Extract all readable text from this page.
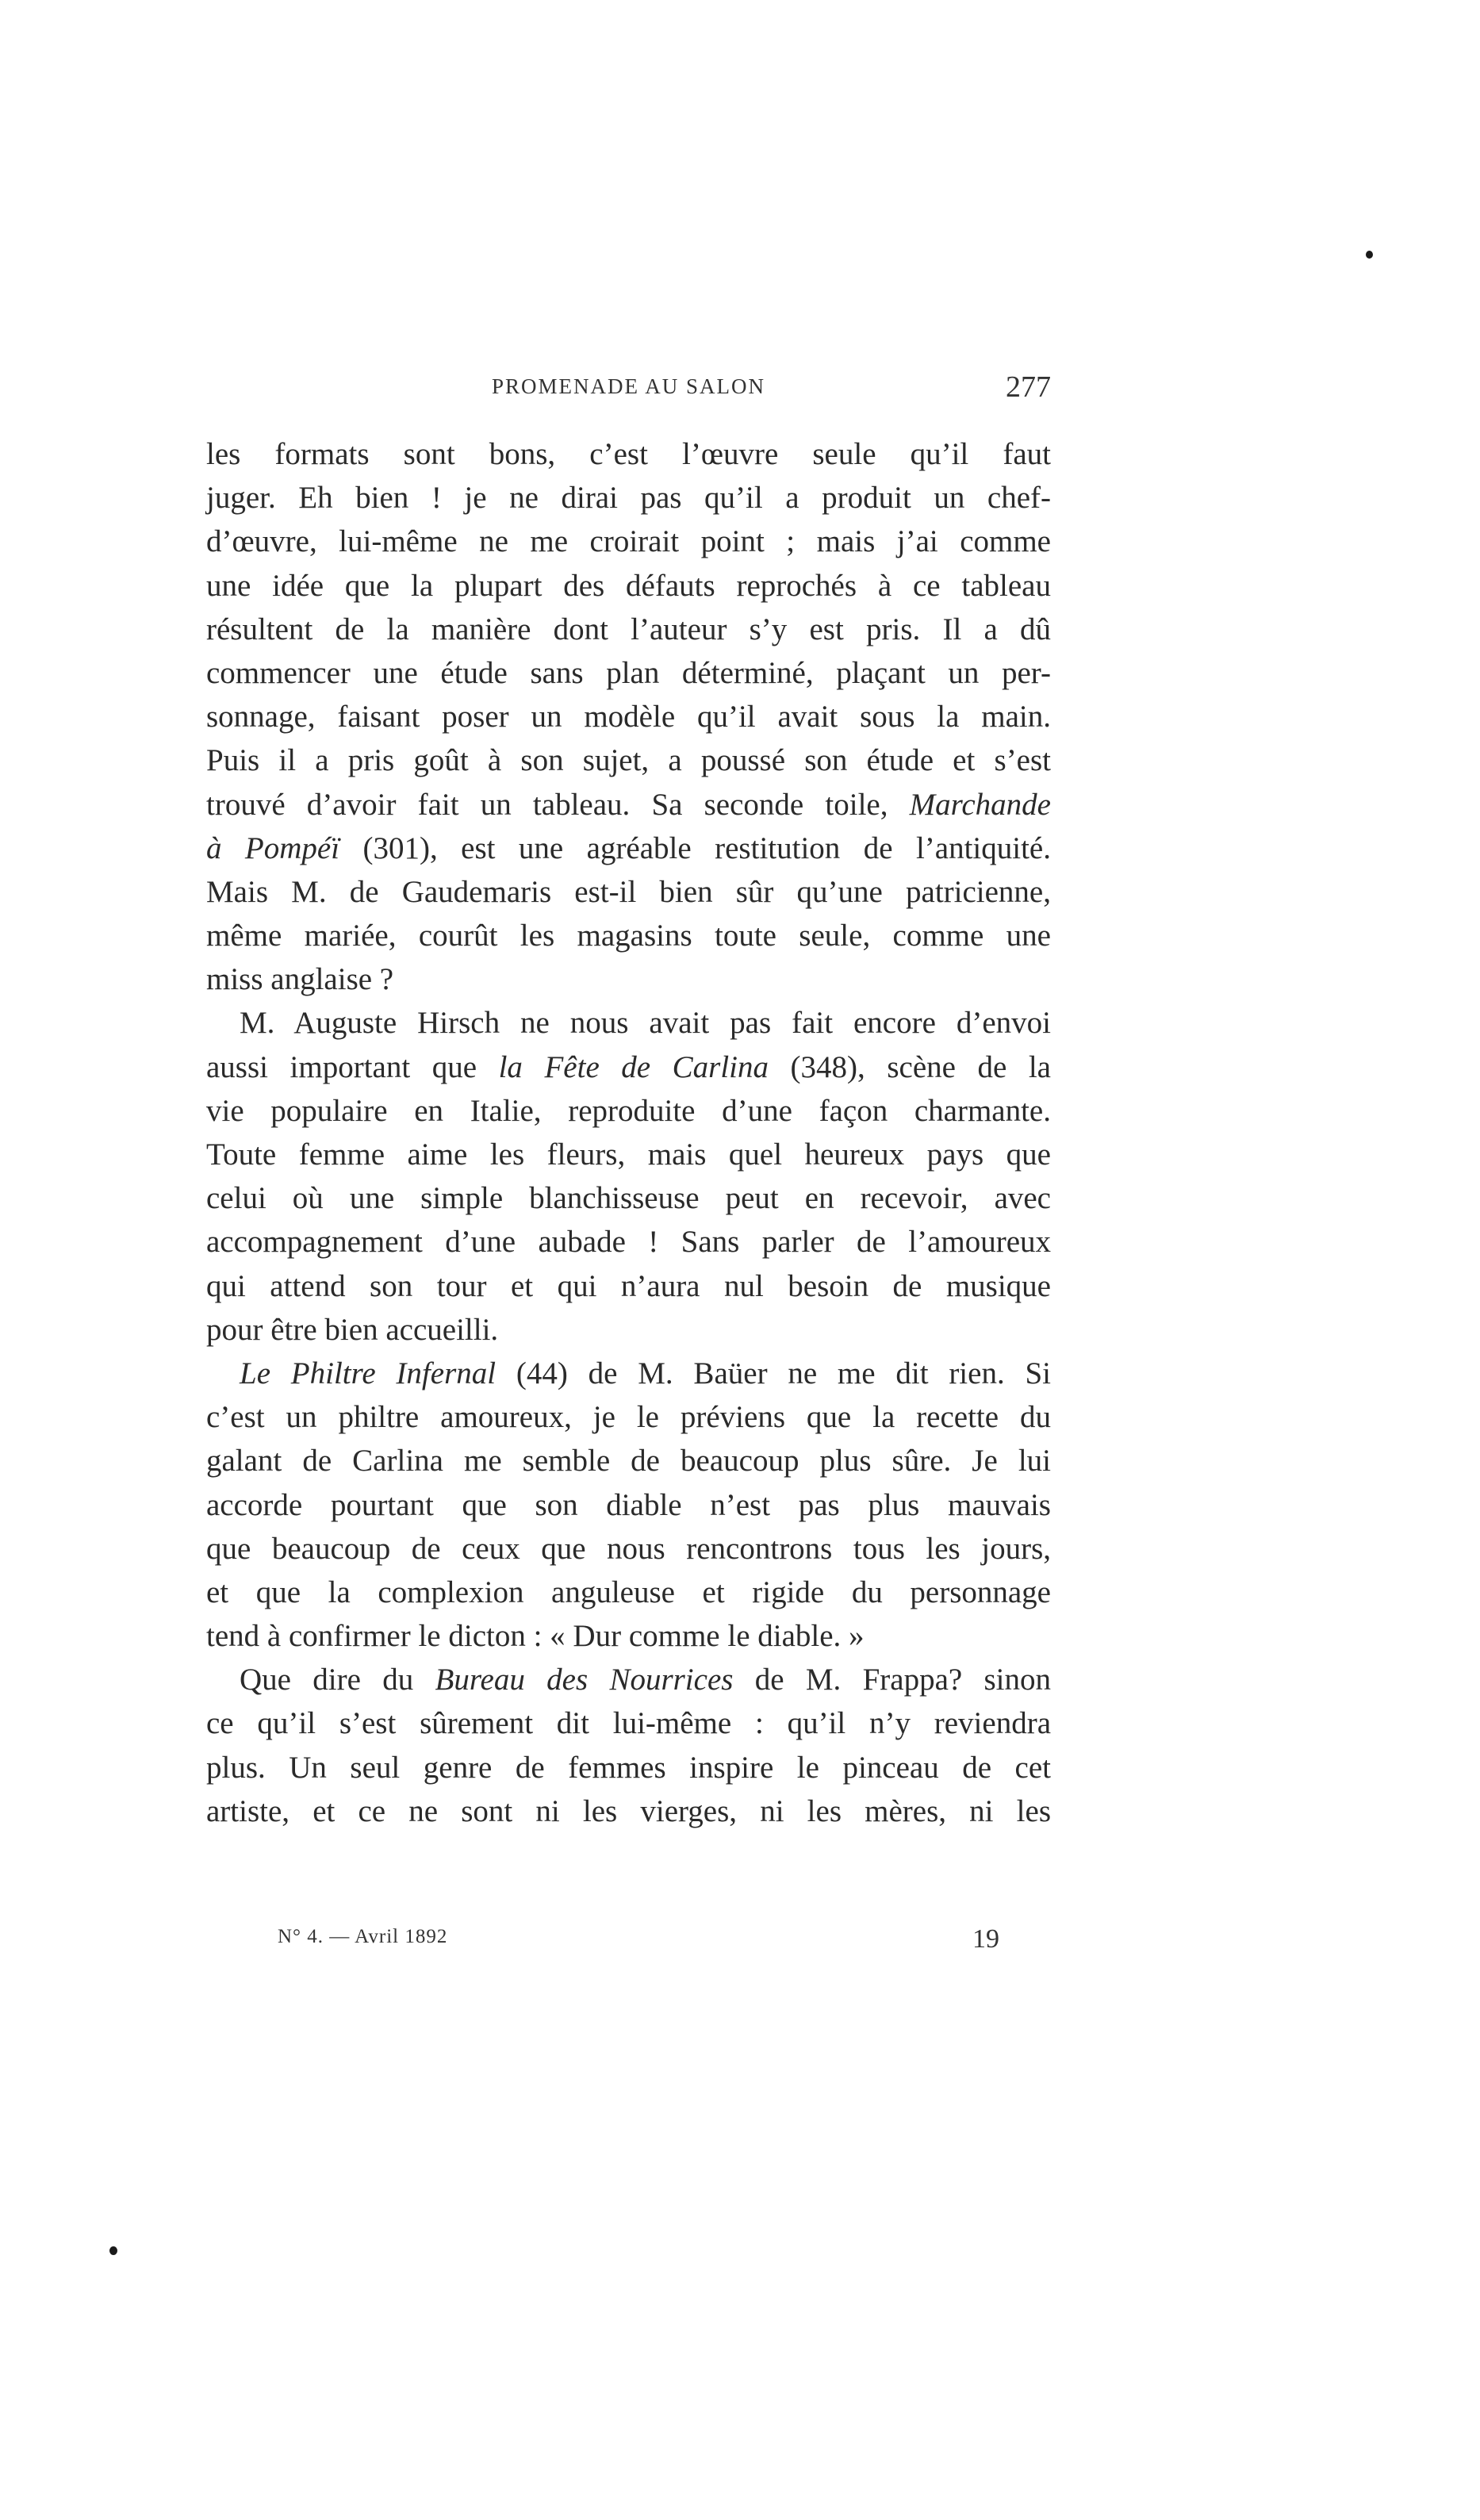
PROMENADE AU SALON	277
les formats sont bons, c’est l’œuvre seule qu’il faut
juger. Eh bien ! je ne dirai pas qu’il a produit un chef-
d’œuvre, lui-même ne me croirait point ; mais j’ai comme
une idée que la plupart des défauts reprochés à ce tableau
résultent de la manière dont l’auteur s’y est pris. Il a dû
commencer une étude sans plan déterminé, plaçant un per-
sonnage, faisant poser un modèle qu’il avait sous la main.
Puis il a pris goût à son sujet, a poussé son étude et s’est
trouvé d’avoir fait un tableau. Sa seconde toile, Marchande
à Pompéï (301), est une agréable restitution de l’antiquité.
Mais M. de Gaudemaris est-il bien sûr qu’une patricienne,
même mariée, courût les magasins toute seule, comme une
miss anglaise ?
M. Auguste Hirsch ne nous avait pas fait encore d’envoi
aussi important que la Fête de Carlina (348), scène de la
vie populaire en Italie, reproduite d’une façon charmante.
Toute femme aime les fleurs, mais quel heureux pays que
celui où une simple blanchisseuse peut en recevoir, avec
accompagnement d’une aubade ! Sans parler de l’amoureux
qui attend son tour et qui n’aura nul besoin de musique
pour être bien accueilli.
Le Philtre Infernal (44) de M. Baüer ne me dit rien. Si
c’est un philtre amoureux, je le préviens que la recette du
galant de Carlina me semble de beaucoup plus sûre. Je lui
accorde pourtant que son diable n’est pas plus mauvais
que beaucoup de ceux que nous rencontrons tous les jours,
et que la complexion anguleuse et rigide du personnage
tend à confirmer le dicton : « Dur comme le diable. »
Que dire du Bureau des Nourrices de M. Frappa? sinon
ce qu’il s’est sûrement dit lui-même : qu’il n’y reviendra
plus. Un seul genre de femmes inspire le pinceau de cet
artiste, et ce ne sont ni les vierges, ni les mères, ni les
N° 4. — Avril 1892	19
